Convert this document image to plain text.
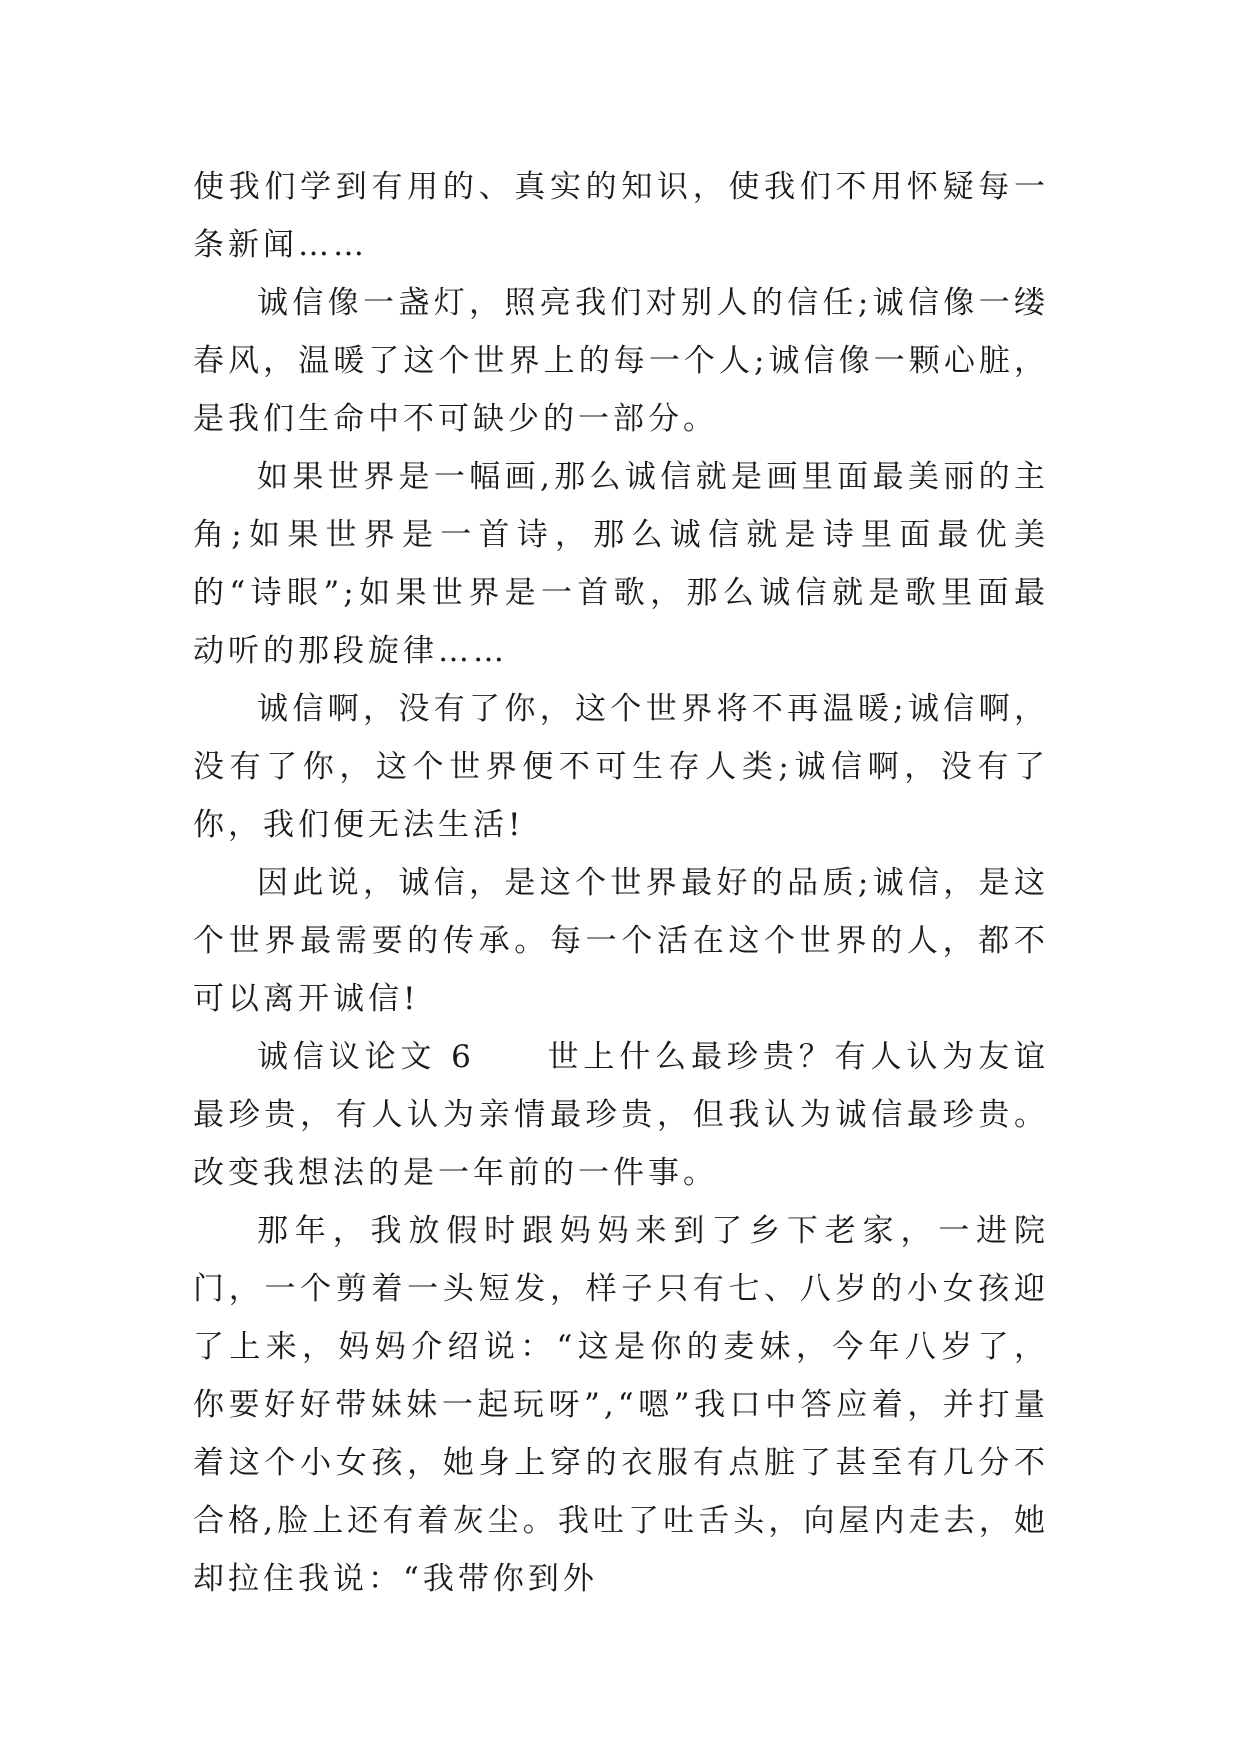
使我们学到有用的、真实的知识，使我们不用怀疑每一条新闻……

诚信像一盏灯，照亮我们对别人的信任;诚信像一缕春风，温暖了这个世界上的每一个人;诚信像一颗心脏，是我们生命中不可缺少的一部分。

如果世界是一幅画,那么诚信就是画里面最美丽的主角;如果世界是一首诗，那么诚信就是诗里面最优美的“诗眼”;如果世界是一首歌，那么诚信就是歌里面最动听的那段旋律……

诚信啊，没有了你，这个世界将不再温暖;诚信啊，没有了你，这个世界便不可生存人类;诚信啊，没有了你，我们便无法生活!

因此说，诚信，是这个世界最好的品质;诚信，是这个世界最需要的传承。每一个活在这个世界的人，都不可以离开诚信!

诚信议论文 6　　世上什么最珍贵？有人认为友谊最珍贵，有人认为亲情最珍贵，但我认为诚信最珍贵。改变我想法的是一年前的一件事。

那年，我放假时跟妈妈来到了乡下老家，一进院门，一个剪着一头短发，样子只有七、八岁的小女孩迎了上来，妈妈介绍说：“这是你的麦妹，今年八岁了，你要好好带妹妹一起玩呀”,“嗯”我口中答应着，并打量着这个小女孩，她身上穿的衣服有点脏了甚至有几分不合格,脸上还有着灰尘。我吐了吐舌头，向屋内走去，她却拉住我说：“我带你到外
